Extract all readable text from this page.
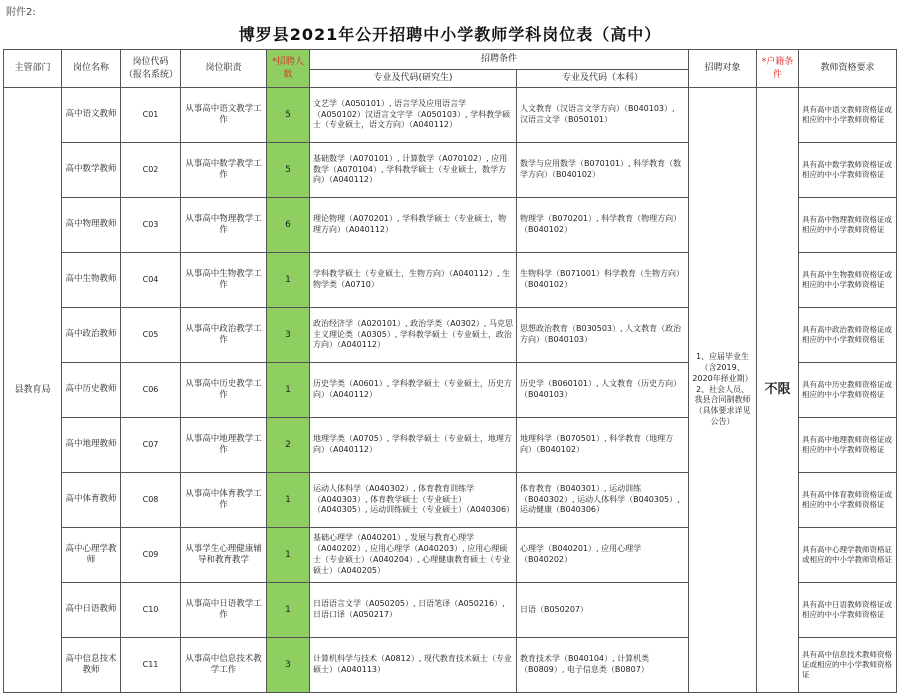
附件2:
博罗县2021年公开招聘中小学教师学科岗位表（高中）
主管部门	岗位名称	岗位代码（报名系统）	岗位职责	*招聘人数	招聘条件		招聘对象	*户籍条件	教师资格要求
					专业及代码(研究生)	专业及代码（本科）			
县教育局	高中语文教师	C01	从事高中语文教学工作	5	文艺学（A050101）, 语言学及应用语言学（A050102）汉语言文字学（A050103）, 学科教学硕士（专业硕士，语文方向）（A040112）	人文教育（汉语言文学方向）（B040103）, 汉语言文学（B050101）	1、应届毕业生（含2019、2020年择业期）2、社会人员、我县合同制教师（具体要求详见公告）	不限	具有高中语文教师资格证或相应的中小学教师资格证
	高中数学教师	C02	从事高中数学教学工作	5	基础数学（A070101）, 计算数学（A070102）, 应用数学（A070104）, 学科教学硕士（专业硕士，数学方向）（A040112）	数学与应用数学（B070101）, 科学教育（数学方向）（B040102）			具有高中数学教师资格证或相应的中小学教师资格证
	高中物理教师	C03	从事高中物理教学工作	6	理论物理（A070201）, 学科教学硕士（专业硕士，物理方向）（A040112）	物理学（B070201）, 科学教育（物理方向）（B040102）			具有高中物理教师资格证或相应的中小学教师资格证
	高中生物教师	C04	从事高中生物教学工作	1	学科教学硕士（专业硕士，生物方向）（A040112）, 生物学类（A0710）	生物科学（B071001）科学教育（生物方向）（B040102）			具有高中生物教师资格证或相应的中小学教师资格证
	高中政治教师	C05	从事高中政治教学工作	3	政治经济学（A020101）, 政治学类（A0302）, 马克思主义理论类（A0305）, 学科教学硕士（专业硕士，政治方向）（A040112）	思想政治教育（B030503）, 人文教育（政治方向）（B040103）			具有高中政治教师资格证或相应的中小学教师资格证
	高中历史教师	C06	从事高中历史教学工作	1	历史学类（A0601）, 学科教学硕士（专业硕士，历史方向）（A040112）	历史学（B060101）, 人文教育（历史方向）（B040103）			具有高中历史教师资格证或相应的中小学教师资格证
	高中地理教师	C07	从事高中地理教学工作	2	地理学类（A0705）, 学科教学硕士（专业硕士，地理方向）（A040112）	地理科学（B070501）, 科学教育（地理方向）（B040102）			具有高中地理教师资格证或相应的中小学教师资格证
	高中体育教师	C08	从事高中体育教学工作	1	运动人体科学（A040302）, 体育教育训练学（A040303）, 体育教学硕士（专业硕士）（A040305）, 运动训练硕士（专业硕士）（A040306）	体育教育（B040301）, 运动训练（B040302）, 运动人体科学（B040305）, 运动健康（B040306）			具有高中体育教师资格证或相应的中小学教师资格证
	高中心理学教师	C09	从事学生心理健康辅导和教育教学	1	基础心理学（A040201）, 发展与教育心理学（A040202）, 应用心理学（A040203）, 应用心理硕士（专业硕士）（A040204）, 心理健康教育硕士（专业硕士）（A040205）	心理学（B040201）, 应用心理学（B040202）			具有高中心理学教师资格证或相应的中小学教师资格证
	高中日语教师	C10	从事高中日语教学工作	1	日语语言文学（A050205）, 日语笔译（A050216）, 日语口译（A050217）	日语（B050207）			具有高中日语教师资格证或相应的中小学教师资格证
	高中信息技术教师	C11	从事高中信息技术教学工作	3	计算机科学与技术（A0812）, 现代教育技术硕士（专业硕士）（A040113）	教育技术学（B040104）, 计算机类（B0809）, 电子信息类（B0807）			具有高中信息技术教师资格证或相应的中小学教师资格证
